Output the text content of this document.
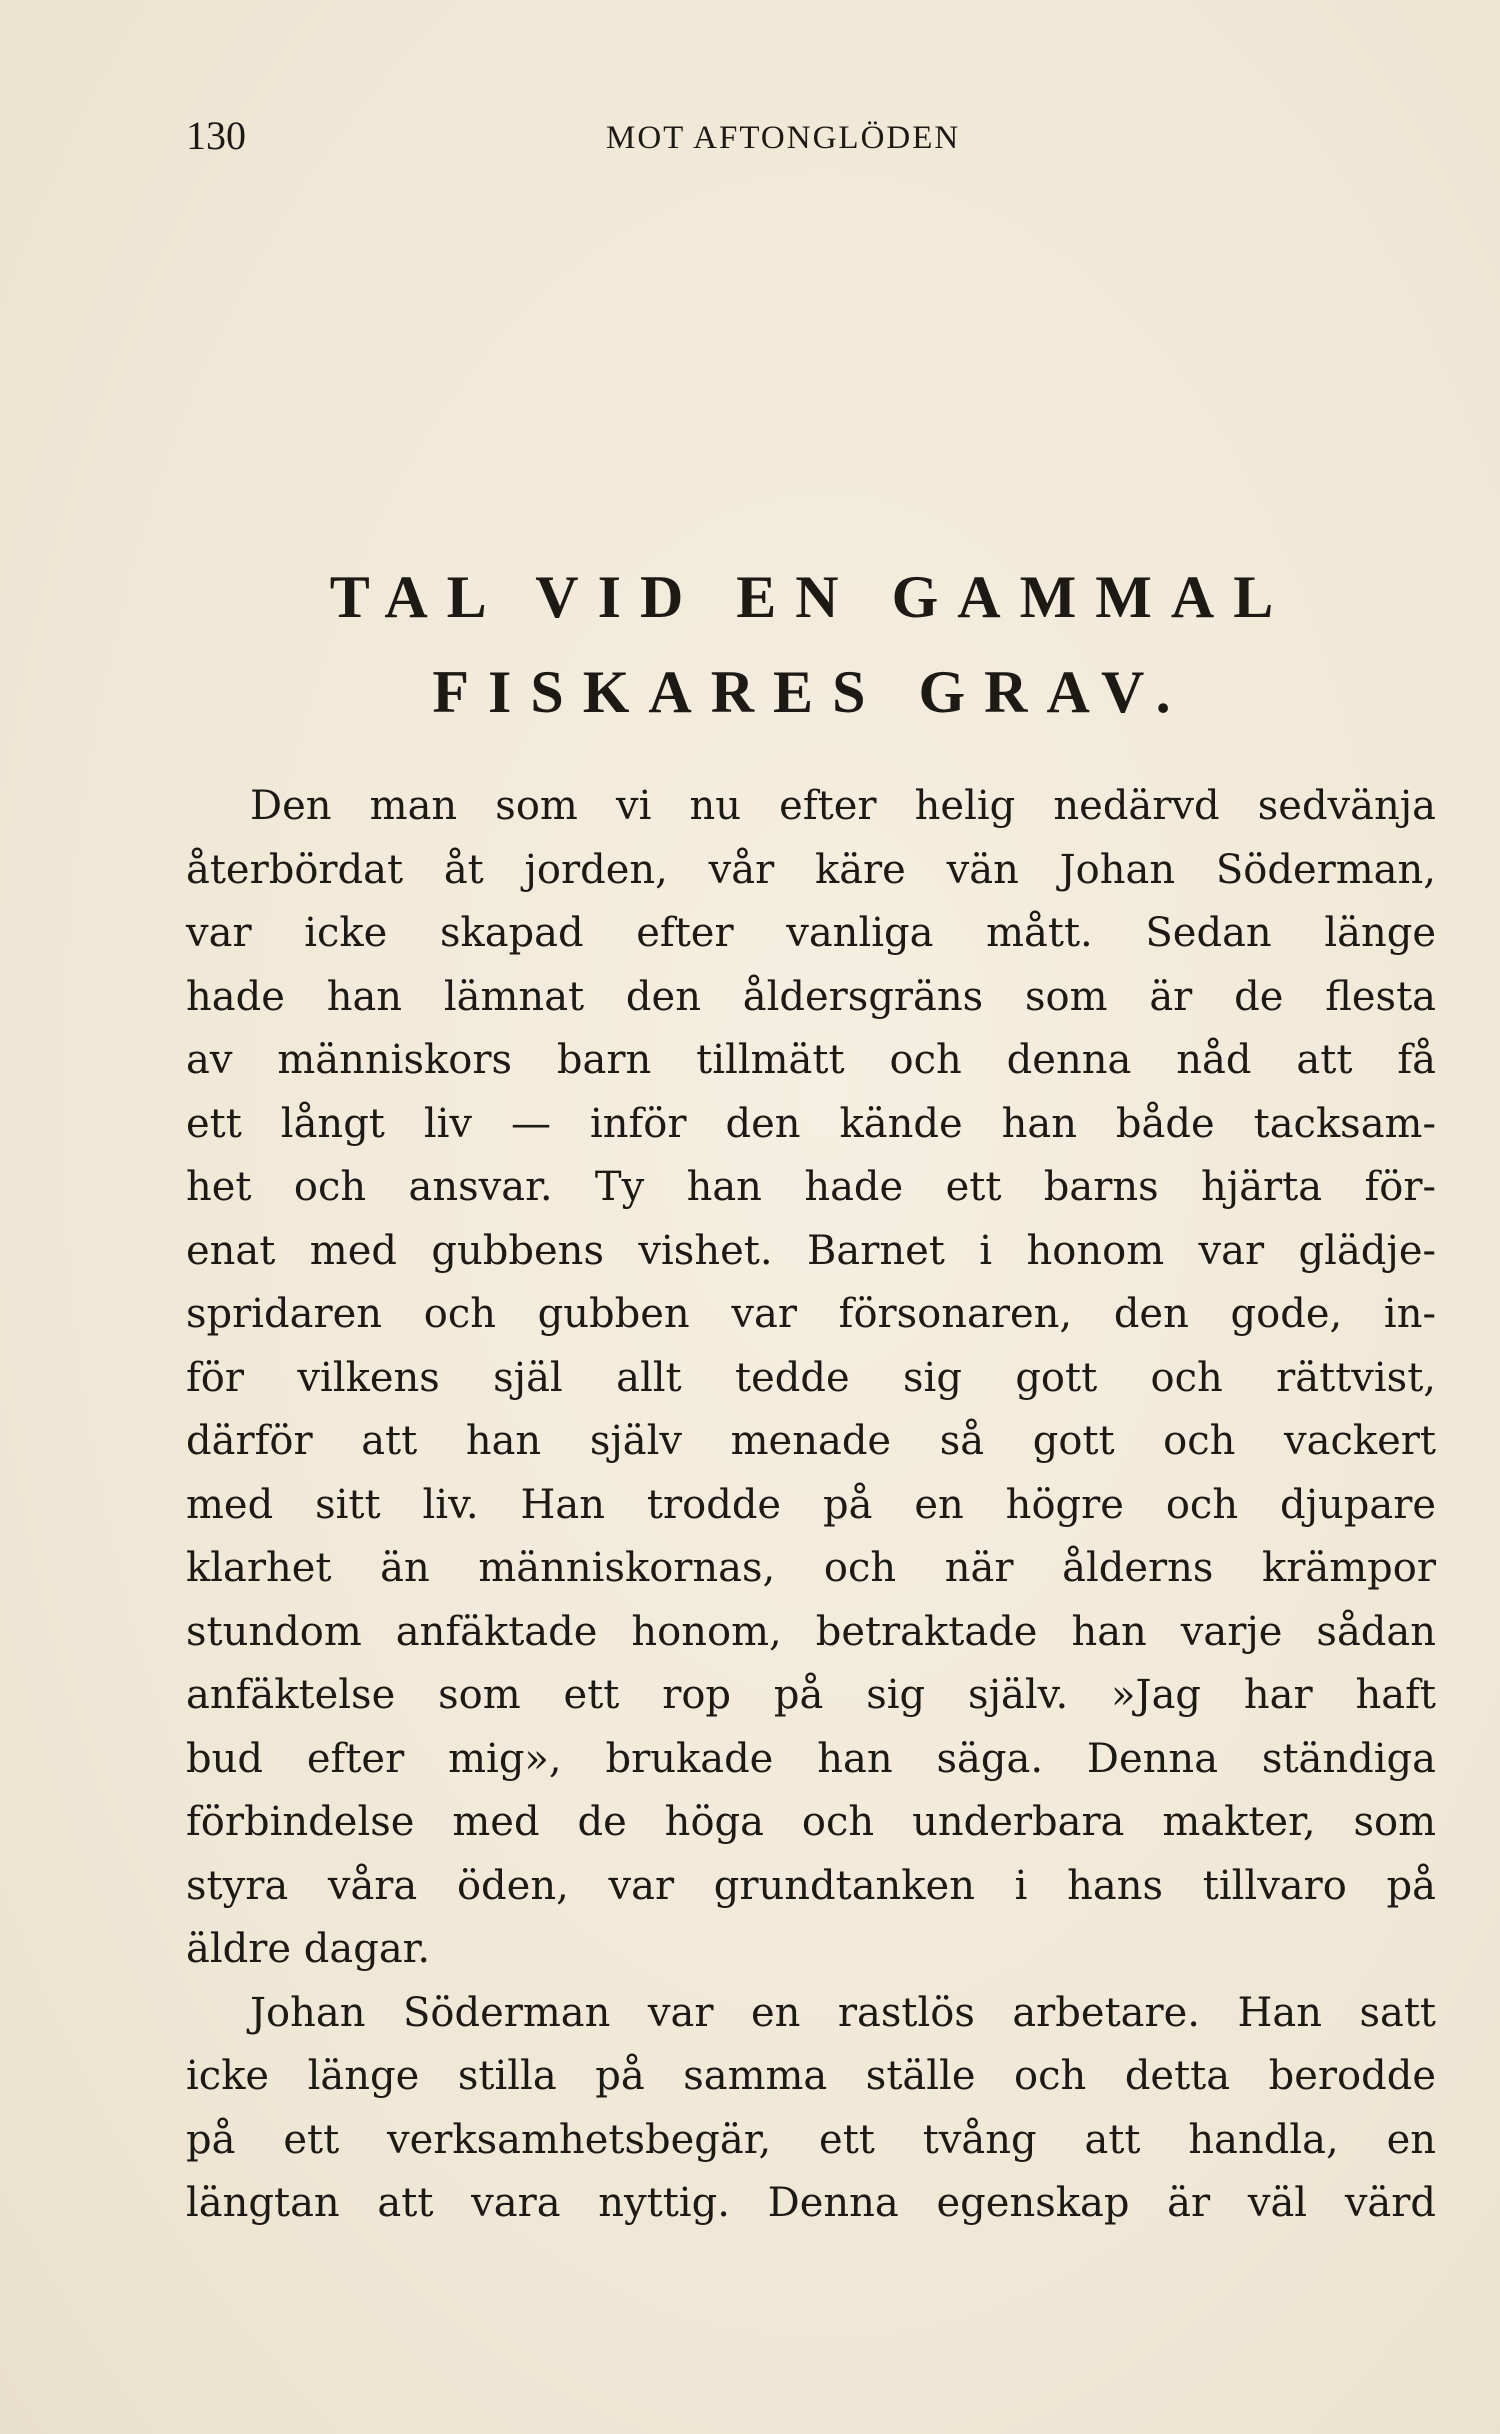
130	MOT AFTONGLÖDEN
TAL VID EN GAMMAL
FISKARES GRAV.

Den man som vi nu efter helig nedärvd sedvänja
återbördat åt jorden, vår käre vän Johan Söderman,
var icke skapad efter vanliga mått. Sedan länge
hade han lämnat den åldersgräns som är de flesta
av människors barn tillmätt och denna nåd att få
ett långt liv — inför den kände han både tacksam-
het och ansvar. Ty han hade ett barns hjärta för-
enat med gubbens vishet. Barnet i honom var glädje-
spridaren och gubben var försonaren, den gode, in-
för vilkens själ allt tedde sig gott och rättvist,
därför att han själv menade så gott och vackert
med sitt liv. Han trodde på en högre och djupare
klarhet än människornas, och när ålderns krämpor
stundom anfäktade honom, betraktade han varje sådan
anfäktelse som ett rop på sig själv. »Jag har haft
bud efter mig», brukade han säga. Denna ständiga
förbindelse med de höga och underbara makter, som
styra våra öden, var grundtanken i hans tillvaro på
äldre dagar.

Johan Söderman var en rastlös arbetare. Han satt
icke länge stilla på samma ställe och detta berodde
på ett verksamhetsbegär, ett tvång att handla, en
längtan att vara nyttig. Denna egenskap är väl värd
